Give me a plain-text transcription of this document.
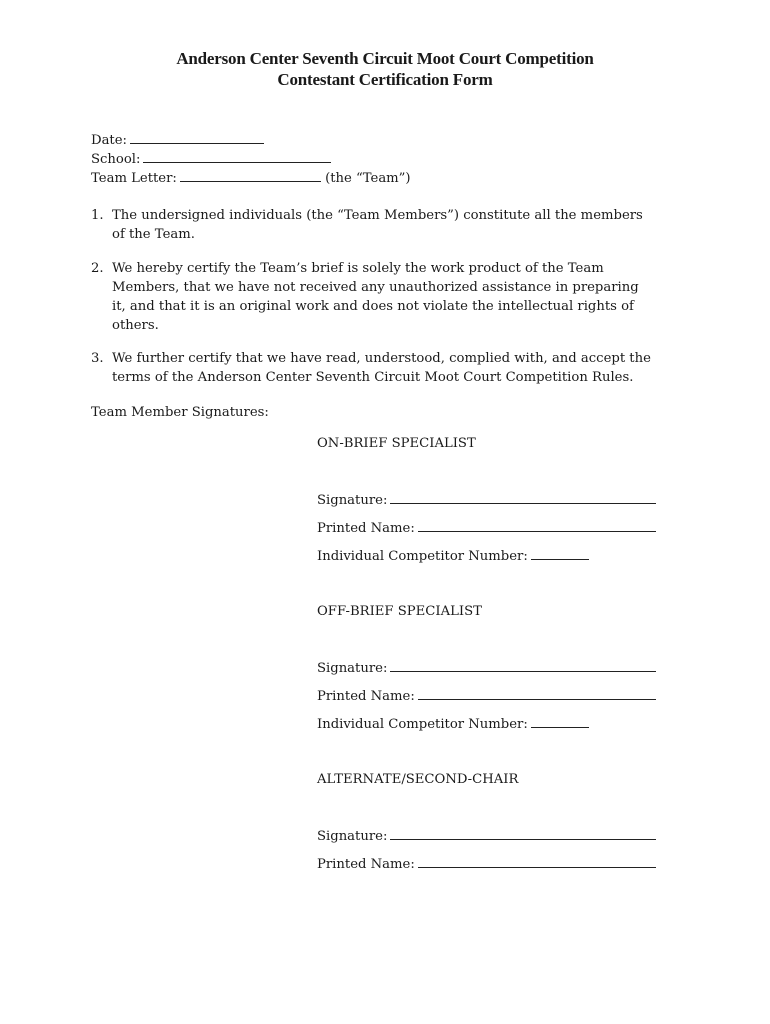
Anderson Center Seventh Circuit Moot Court Competition
Contestant Certification Form
Date:
School:
Team Letter:	(the “Team”)
1. The undersigned individuals (the “Team Members”) constitute all the members
of the Team.
2. We hereby certify the Team’s brief is solely the work product of the Team
Members, that we have not received any unauthorized assistance in preparing
it, and that it is an original work and does not violate the intellectual rights of
others.
3. We further certify that we have read, understood, complied with, and accept the
terms of the Anderson Center Seventh Circuit Moot Court Competition Rules.
Team Member Signatures:
ON-BRIEF SPECIALIST
Signature:
Printed Name:
Individual Competitor Number:
OFF-BRIEF SPECIALIST
Signature:
Printed Name:
Individual Competitor Number:
ALTERNATE/SECOND-CHAIR
Signature:
Printed Name:
